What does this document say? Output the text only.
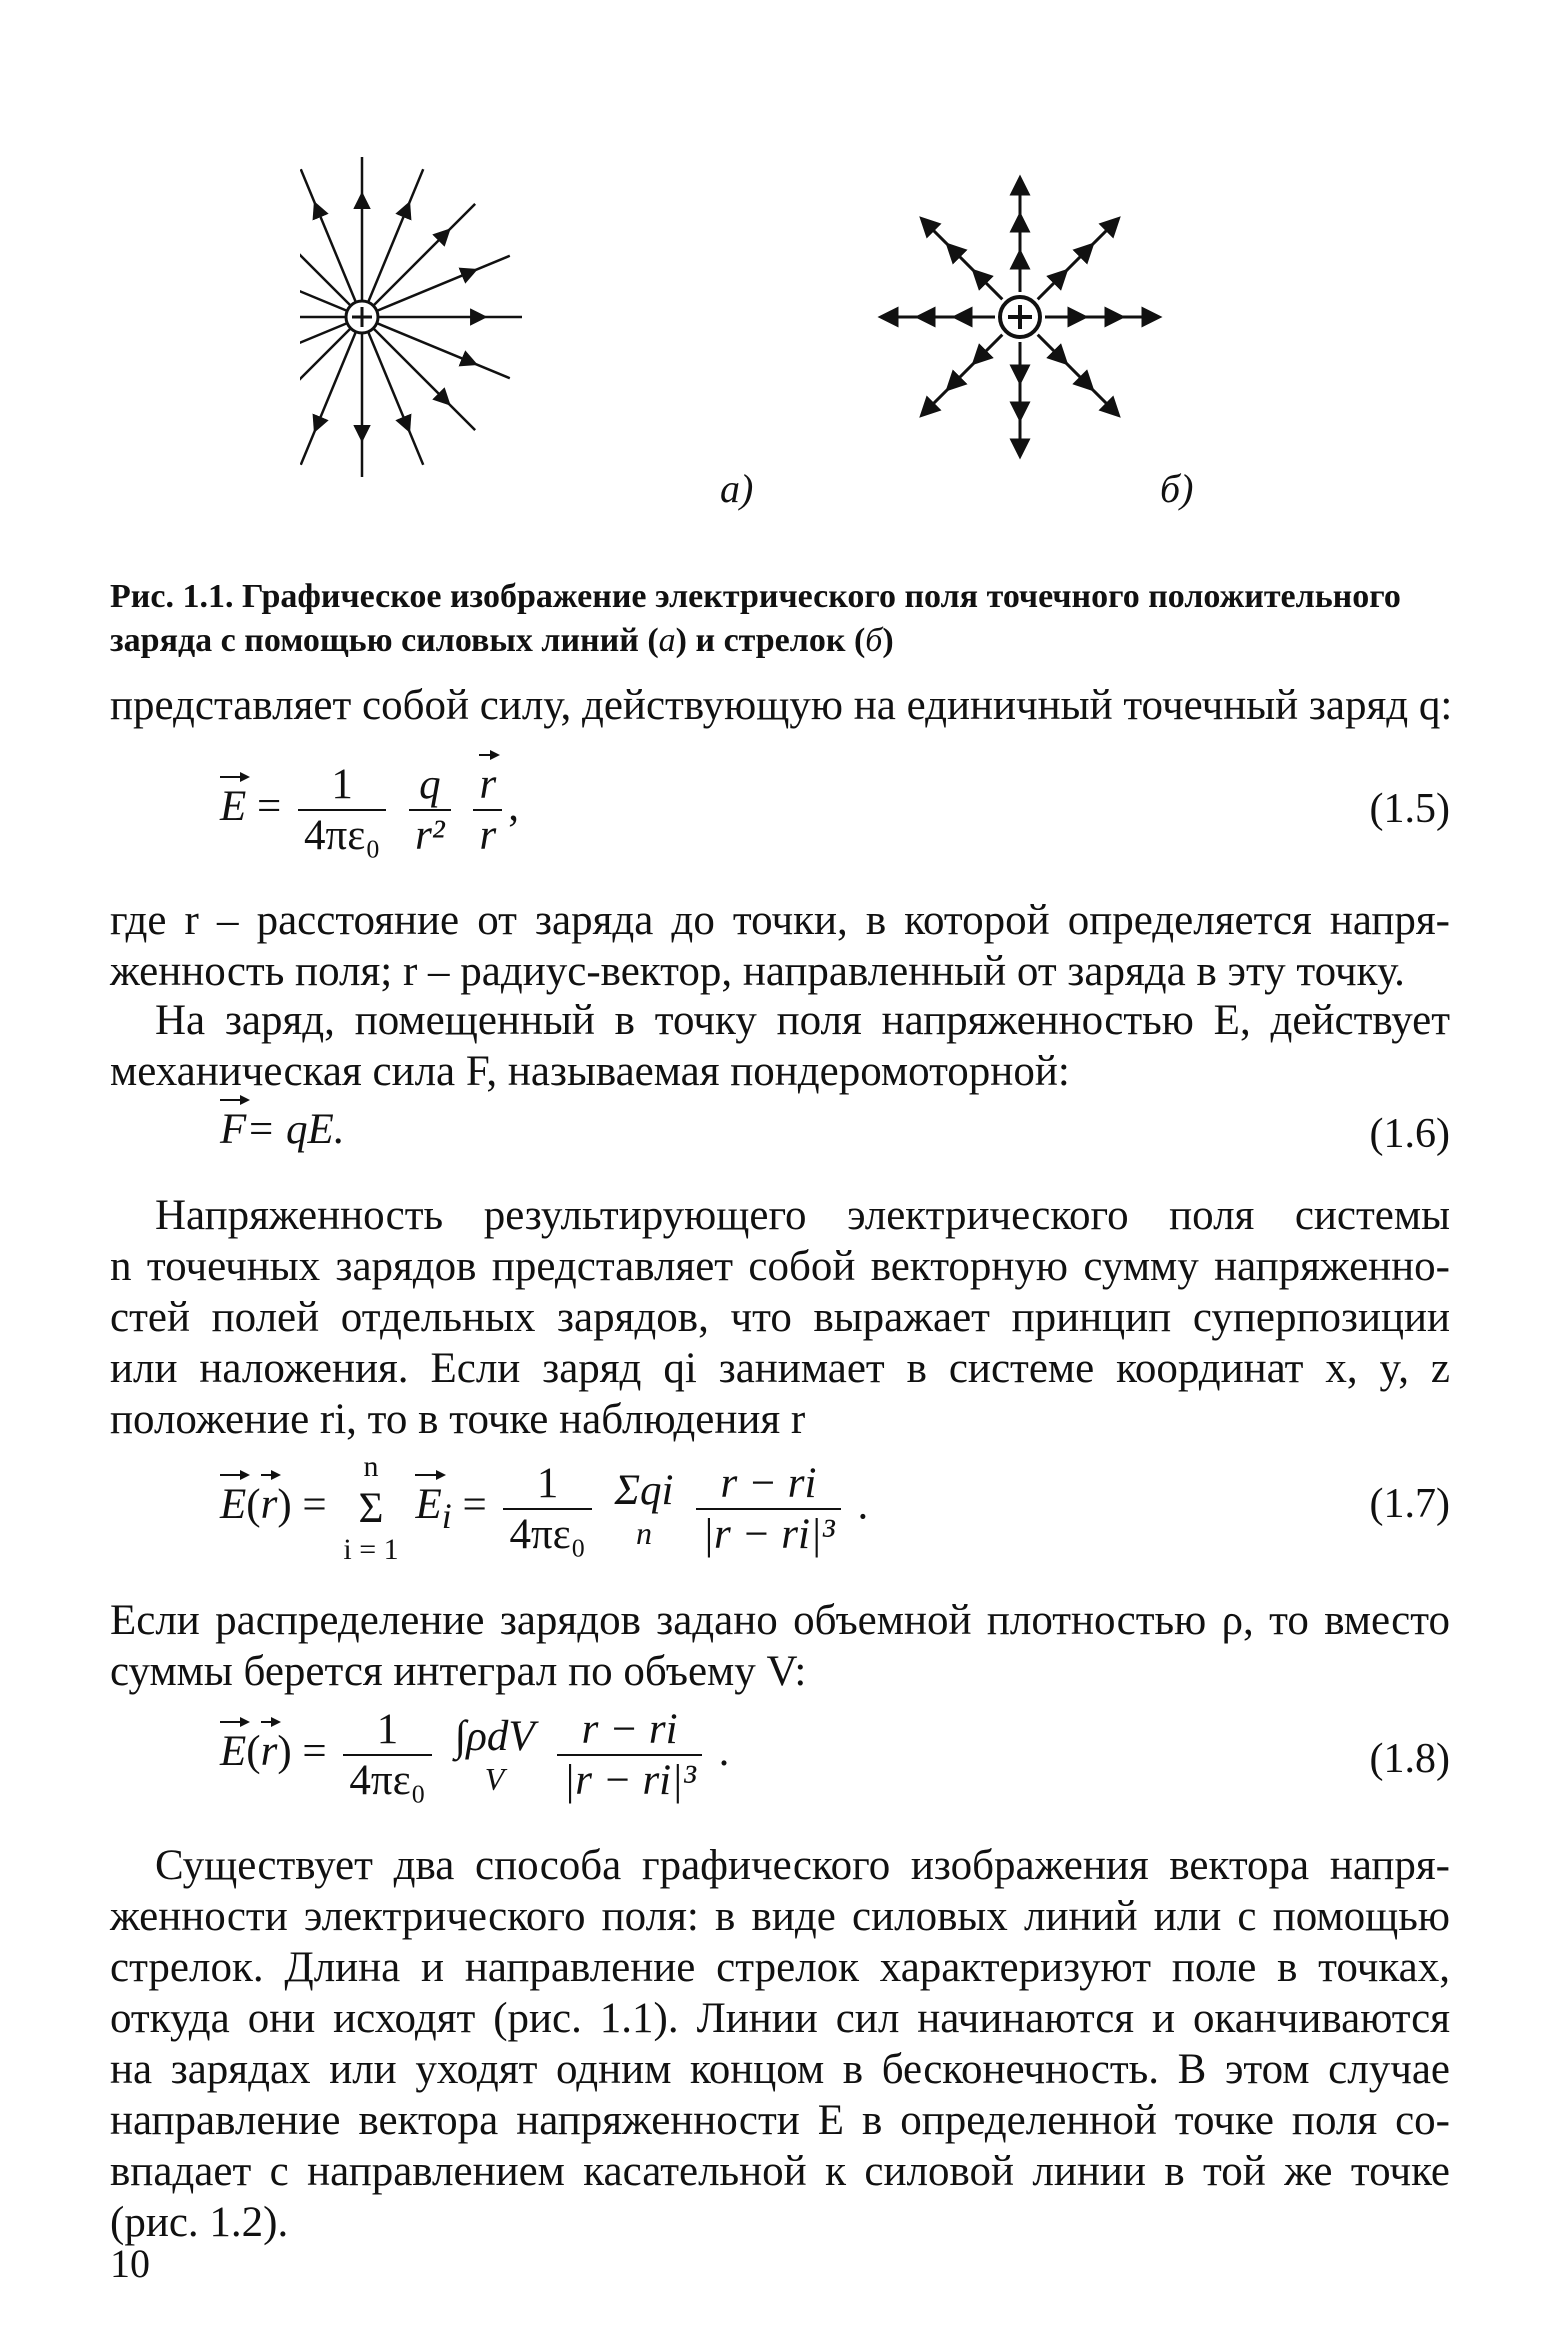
а)	б)
Рис. 1.1. Графическое изображение электрического поля точечного положительного
заряда с помощью силовых линий (а) и стрелок (б)
представляет собой силу, действующую на единичный точечный заряд q:
$E = \frac{1}{\text{4πε₀}}$
$\frac{q}{\text{r²}}$
$\frac{r}{r}$ ,	(1.5)
где r – расстояние от заряда до точки, в которой определяется напря-
женность поля; r – радиус-вектор, направленный от заряда в эту точку.
На заряд, помещенный в точку поля напряженностью E, действует
механическая сила F, называемая пондеромоторной:
F= qE.	(1.6)
Напряженность результирующего электрического поля системы
n точечных зарядов представляет собой векторную сумму напряженно-
стей полей отдельных зарядов, что выражает принцип суперпозиции
или наложения. Если заряд qi занимает в системе координат x, y, z
положение ri, то в точке наблюдения r
E(r) =
n
Σ
i = 1
$E_i = \frac{1}{\text{4πε₀}}$
Σqi
n
	$\frac{r - ri}{\text{|r − ri|³}}$ .	(1.7)
Если распределение зарядов задано объемной плотностью ρ, то вместо
суммы берется интеграл по объему V:
$E(r) = \frac{1}{\text{4πε₀}}$
∫ρdV
V
	$\frac{r - ri}{\text{|r − ri|³}}$ .	(1.8)
Существует два способа графического изображения вектора напря-
женности электрического поля: в виде силовых линий или с помощью
стрелок. Длина и направление стрелок характеризуют поле в точках,
откуда они исходят (рис. 1.1). Линии сил начинаются и оканчиваются
на зарядах или уходят одним концом в бесконечность. В этом случае
направление вектора напряженности E в определенной точке поля со-
впадает с направлением касательной к силовой линии в той же точке
(рис. 1.2).
10
